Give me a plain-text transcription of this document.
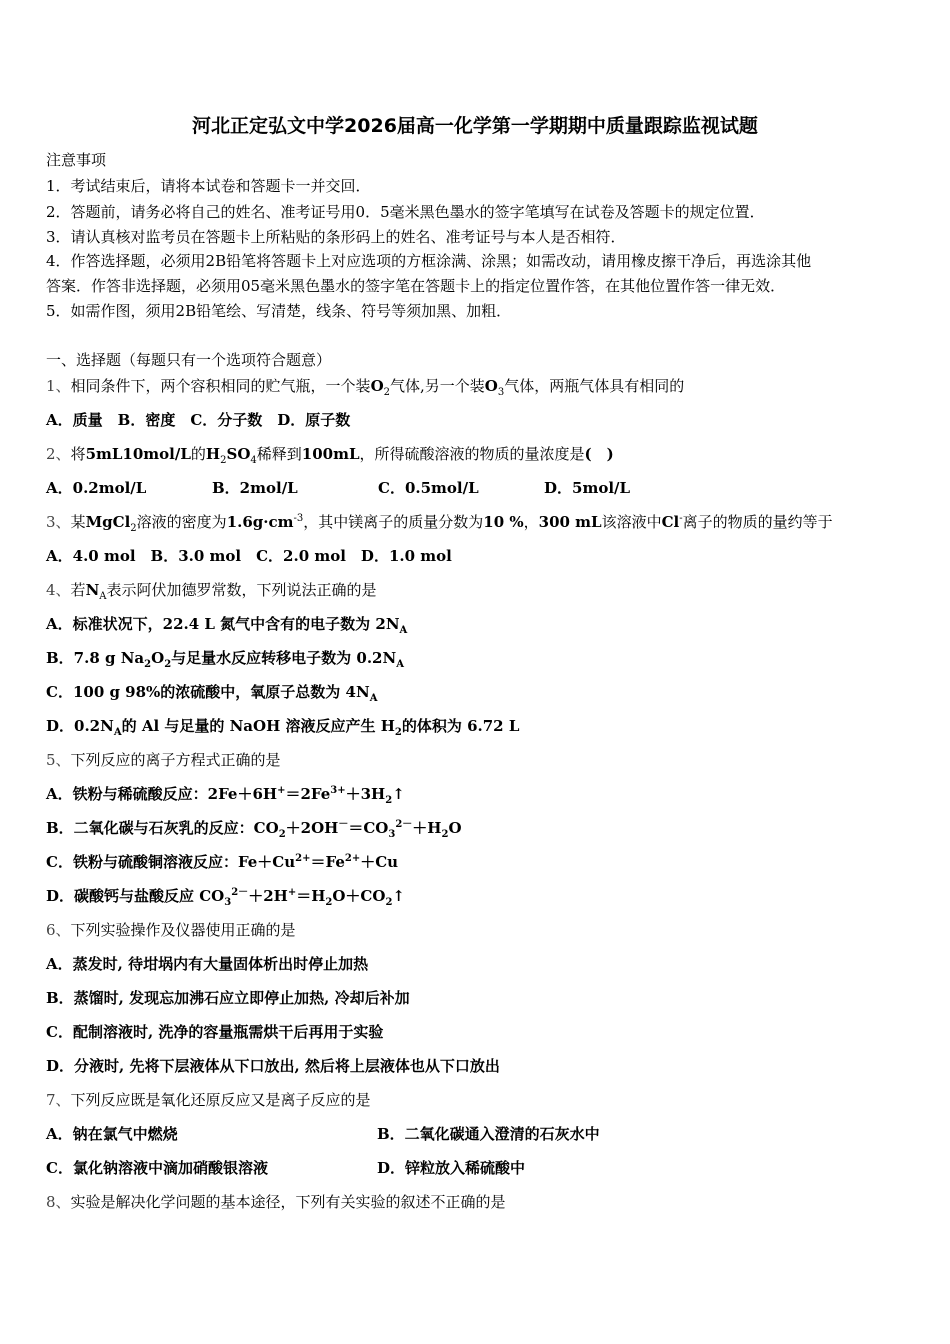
河北正定弘文中学2026届高一化学第一学期期中质量跟踪监视试题
注意事项
1．考试结束后，请将本试卷和答题卡一并交回．
2．答题前，请务必将自己的姓名、准考证号用0．5毫米黑色墨水的签字笔填写在试卷及答题卡的规定位置．
3．请认真核对监考员在答题卡上所粘贴的条形码上的姓名、准考证号与本人是否相符．
4．作答选择题，必须用2B铅笔将答题卡上对应选项的方框涂满、涂黑；如需改动，请用橡皮擦干净后，再选涂其他
答案．作答非选择题，必须用05毫米黑色墨水的签字笔在答题卡上的指定位置作答，在其他位置作答一律无效．
5．如需作图，须用2B铅笔绘、写清楚，线条、符号等须加黑、加粗．
一、选择题（每题只有一个选项符合题意）
1、相同条件下，两个容积相同的贮气瓶，一个装$O_2$气体,另一个装$O_3$气体，两瓶气体具有相同的
A．质量　B．密度　C．分子数　D．原子数
2、将5mL10mol/L的$H_2SO_4$稀释到100mL，所得硫酸溶液的物质的量浓度是(　)
A．0.2mol/L	B．2mol/L	C．0.5mol/L	D．5mol/L
3、某MgCl$_2$溶液的密度为$1.6g\cdot cm^{-3}$，其中镁离子的质量分数为10 %，300 mL该溶液中Cl-离子的物质的量约等于
A．4.0 mol　B．3.0 mol　C．2.0 mol　D．1.0 mol
4、若$N_A$表示阿伏加德罗常数，下列说法正确的是
A．标准状况下，22.4 L 氮气中含有的电子数为 $2N_A$
B．7.8 g $Na_2O_2$与足量水反应转移电子数为 $0.2N_A$
C．100 g 98%的浓硫酸中，氧原子总数为 $4N_A$
D．$0.2N_A$的 Al 与足量的 NaOH 溶液反应产生 $H_2$的体积为 6.72 L
5、下列反应的离子方程式正确的是
A．铁粉与稀硫酸反应：$2Fe+6H^+=2Fe^{3+}+3H_2↑$
B．二氧化碳与石灰乳的反应：$CO_2+2OH^-=CO_3^{2-}+H_2O$
C．铁粉与硫酸铜溶液反应：$Fe+Cu^{2+}=Fe^{2+}+Cu$
D．碳酸钙与盐酸反应 $CO_3^{2-}+2H^+=H_2O+CO_2↑$
6、下列实验操作及仪器使用正确的是
A．蒸发时, 待坩埚内有大量固体析出时停止加热
B．蒸馏时, 发现忘加沸石应立即停止加热, 冷却后补加
C．配制溶液时, 洗净的容量瓶需烘干后再用于实验
D．分液时, 先将下层液体从下口放出, 然后将上层液体也从下口放出
7、下列反应既是氧化还原反应又是离子反应的是
A．钠在氯气中燃烧	B．二氧化碳通入澄清的石灰水中
C．氯化钠溶液中滴加硝酸银溶液	D．锌粒放入稀硫酸中
8、实验是解决化学问题的基本途径，下列有关实验的叙述不正确的是
